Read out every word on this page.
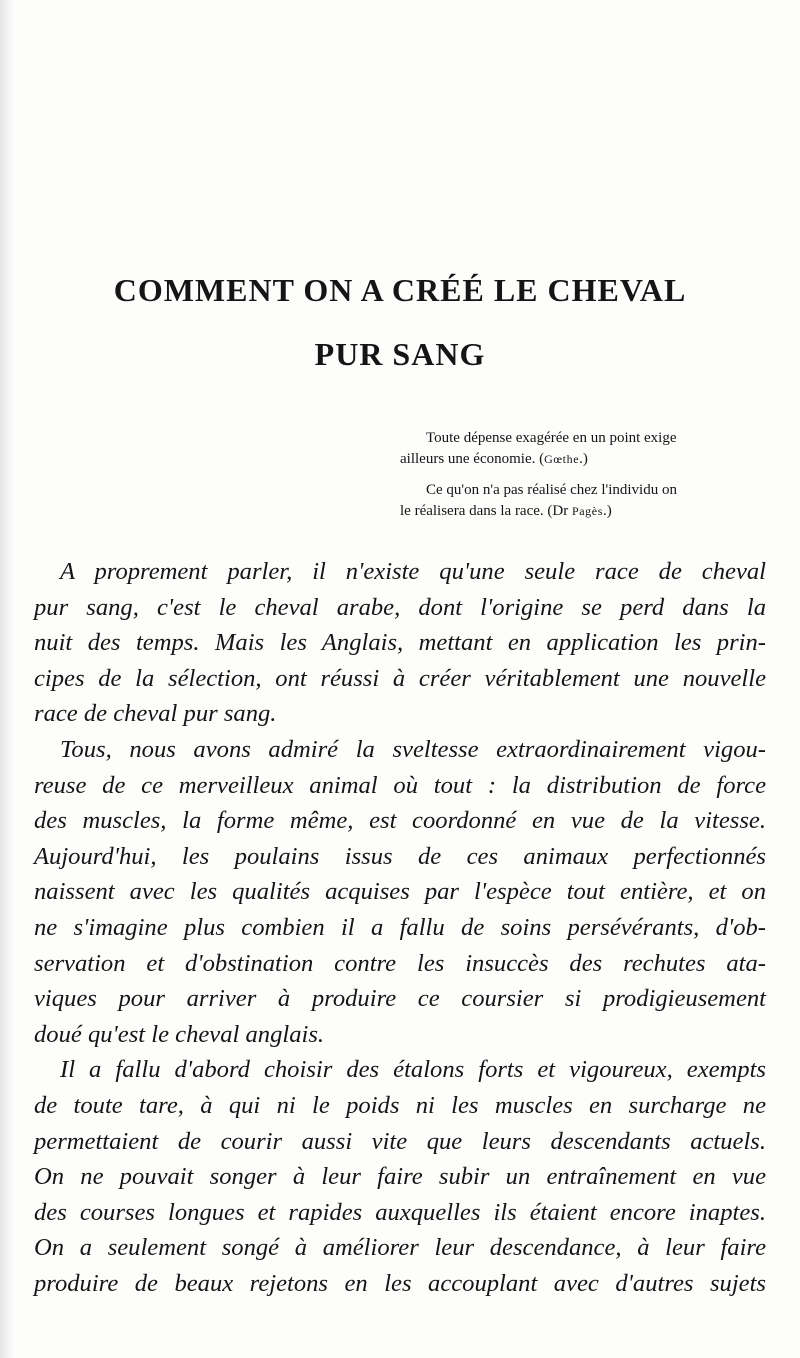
COMMENT ON A CRÉÉ LE CHEVAL
PUR SANG

Toute dépense exagérée en un point exige
ailleurs une économie. (Gœthe.)

Ce qu'on n'a pas réalisé chez l'individu on
le réalisera dans la race. (Dr Pagès.)

A proprement parler, il n'existe qu'une seule race de cheval
pur sang, c'est le cheval arabe, dont l'origine se perd dans la
nuit des temps. Mais les Anglais, mettant en application les prin-
cipes de la sélection, ont réussi à créer véritablement une nouvelle
race de cheval pur sang.
Tous, nous avons admiré la sveltesse extraordinairement vigou-
reuse de ce merveilleux animal où tout : la distribution de force
des muscles, la forme même, est coordonné en vue de la vitesse.
Aujourd'hui, les poulains issus de ces animaux perfectionnés
naissent avec les qualités acquises par l'espèce tout entière, et on
ne s'imagine plus combien il a fallu de soins persévérants, d'ob-
servation et d'obstination contre les insuccès des rechutes ata-
viques pour arriver à produire ce coursier si prodigieusement
doué qu'est le cheval anglais.
Il a fallu d'abord choisir des étalons forts et vigoureux, exempts
de toute tare, à qui ni le poids ni les muscles en surcharge ne
permettaient de courir aussi vite que leurs descendants actuels.
On ne pouvait songer à leur faire subir un entraînement en vue
des courses longues et rapides auxquelles ils étaient encore inaptes.
On a seulement songé à améliorer leur descendance, à leur faire
produire de beaux rejetons en les accouplant avec d'autres sujets
